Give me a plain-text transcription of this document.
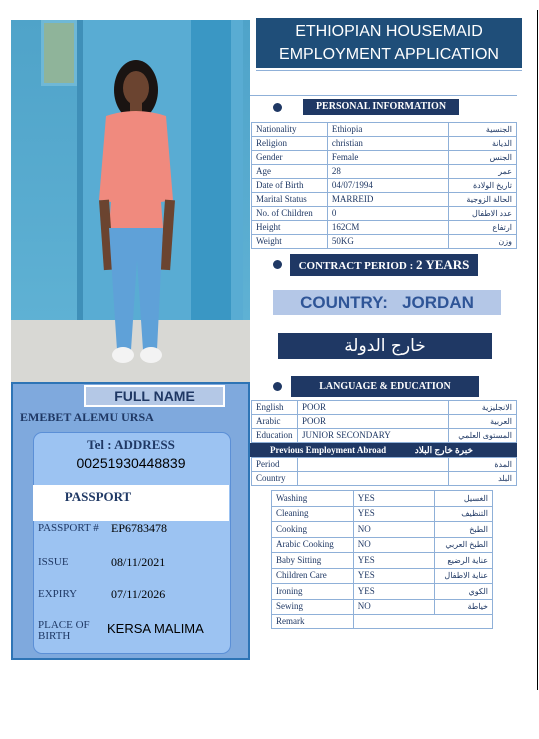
FULL NAME
EMEBET ALEMU URSA
Tel : ADDRESS
00251930448839
PASSPORT
PASSPORT # EP6783478
ISSUE	08/11/2021
EXPIRY	07/11/2026
PLACE OF BIRTH	KERSA MALIMA
ETHIOPIAN HOUSEMAID
EMPLOYMENT APPLICATION
PERSONAL INFORMATION
Nationality	Ethiopia	الجنسية
Religion	christian	الديانة
Gender	Female	الجنس
Age	28	عمر
Date of Birth	04/07/1994	تاريخ الولادة
Marital Status	MARREID	الحالة الزوجية
No. of Children	0	عدد الاطفال
Height	162CM	ارتفاع
Weight	50KG	وزن
CONTRACT PERIOD : 2 YEARS
COUNTRY: JORDAN
خارج الدولة
LANGUAGE & EDUCATION
English	POOR	الانجليزية
Arabic	POOR	العربية
Education	JUNIOR SECONDARY	المستوى العلمي
Previous Employment Abroad	خبرة خارج البلاد
Period		المدة
Country		البلد
Washing	YES	الغسيل
Cleaning	YES	التنظيف
Cooking	NO	الطبخ
Arabic Cooking	NO	الطبخ العربي
Baby Sitting	YES	عناية الرضيع
Children Care	YES	عناية الاطفال
Ironing	YES	الكوي
Sewing	NO	خياطة
Remark		
